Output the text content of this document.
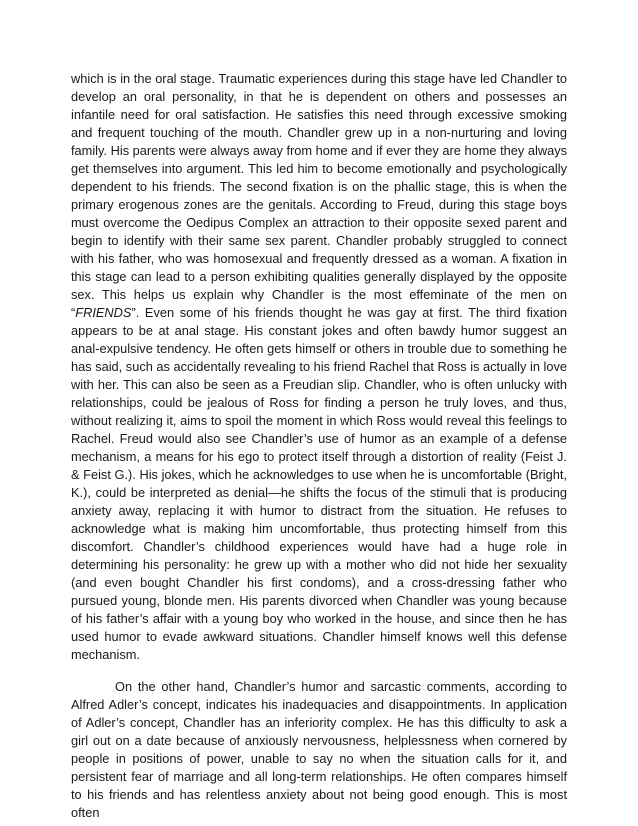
which is in the oral stage. Traumatic experiences during this stage have led Chandler to develop an oral personality, in that he is dependent on others and possesses an infantile need for oral satisfaction. He satisfies this need through excessive smoking and frequent touching of the mouth. Chandler grew up in a non-nurturing and loving family. His parents were always away from home and if ever they are home they always get themselves into argument. This led him to become emotionally and psychologically dependent to his friends. The second fixation is on the phallic stage, this is when the primary erogenous zones are the genitals. According to Freud, during this stage boys must overcome the Oedipus Complex an attraction to their opposite sexed parent and begin to identify with their same sex parent. Chandler probably struggled to connect with his father, who was homosexual and frequently dressed as a woman. A fixation in this stage can lead to a person exhibiting qualities generally displayed by the opposite sex. This helps us explain why Chandler is the most effeminate of the men on “FRIENDS”. Even some of his friends thought he was gay at first. The third fixation appears to be at anal stage. His constant jokes and often bawdy humor suggest an anal-expulsive tendency. He often gets himself or others in trouble due to something he has said, such as accidentally revealing to his friend Rachel that Ross is actually in love with her. This can also be seen as a Freudian slip. Chandler, who is often unlucky with relationships, could be jealous of Ross for finding a person he truly loves, and thus, without realizing it, aims to spoil the moment in which Ross would reveal this feelings to Rachel. Freud would also see Chandler’s use of humor as an example of a defense mechanism, a means for his ego to protect itself through a distortion of reality (Feist J. & Feist G.). His jokes, which he acknowledges to use when he is uncomfortable (Bright, K.), could be interpreted as denial—he shifts the focus of the stimuli that is producing anxiety away, replacing it with humor to distract from the situation. He refuses to acknowledge what is making him uncomfortable, thus protecting himself from this discomfort. Chandler’s childhood experiences would have had a huge role in determining his personality: he grew up with a mother who did not hide her sexuality (and even bought Chandler his first condoms), and a cross-dressing father who pursued young, blonde men. His parents divorced when Chandler was young because of his father’s affair with a young boy who worked in the house, and since then he has used humor to evade awkward situations. Chandler himself knows well this defense mechanism.

On the other hand, Chandler’s humor and sarcastic comments, according to Alfred Adler’s concept, indicates his inadequacies and disappointments. In application of Adler’s concept, Chandler has an inferiority complex. He has this difficulty to ask a girl out on a date because of anxiously nervousness, helplessness when cornered by people in positions of power, unable to say no when the situation calls for it, and persistent fear of marriage and all long-term relationships. He often compares himself to his friends and has relentless anxiety about not being good enough. This is most often
